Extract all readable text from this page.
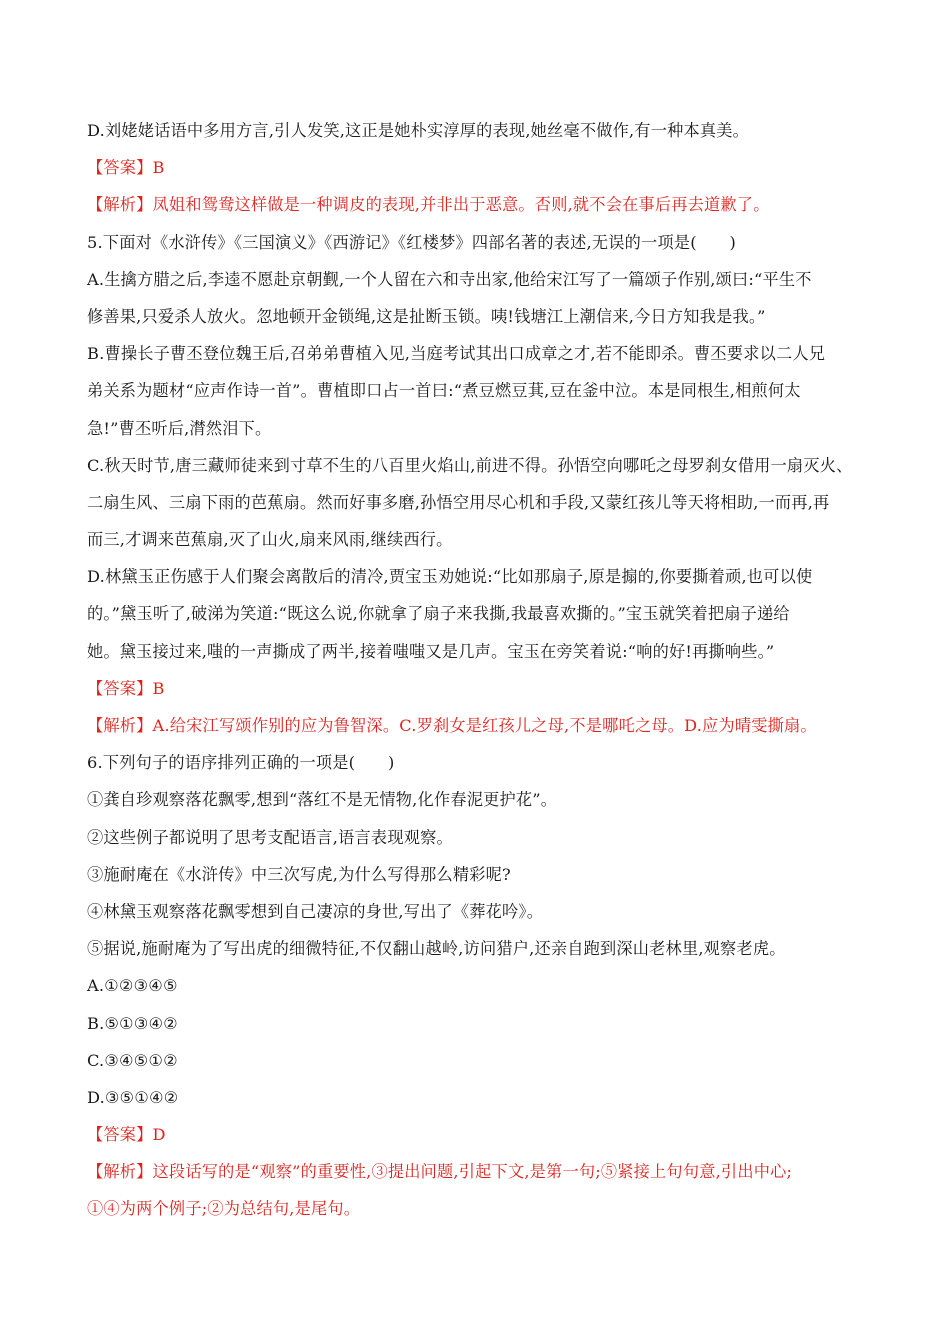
D.刘姥姥话语中多用方言,引人发笑,这正是她朴实淳厚的表现,她丝毫不做作,有一种本真美。
【答案】B
【解析】凤姐和鸳鸯这样做是一种调皮的表现,并非出于恶意。否则,就不会在事后再去道歉了。
5.下面对《水浒传》《三国演义》《西游记》《红楼梦》四部名著的表述,无误的一项是(　　)
A.生擒方腊之后,李逵不愿赴京朝觐,一个人留在六和寺出家,他给宋江写了一篇颂子作别,颂曰:“平生不
修善果,只爱杀人放火。忽地顿开金锁绳,这是扯断玉锁。咦!钱塘江上潮信来,今日方知我是我。”
B.曹操长子曹丕登位魏王后,召弟弟曹植入见,当庭考试其出口成章之才,若不能即杀。曹丕要求以二人兄
弟关系为题材“应声作诗一首”。曹植即口占一首曰:“煮豆燃豆萁,豆在釜中泣。本是同根生,相煎何太
急!”曹丕听后,潸然泪下。
C.秋天时节,唐三藏师徒来到寸草不生的八百里火焰山,前进不得。孙悟空向哪吒之母罗刹女借用一扇灭火、
二扇生风、三扇下雨的芭蕉扇。然而好事多磨,孙悟空用尽心机和手段,又蒙红孩儿等天将相助,一而再,再
而三,才调来芭蕉扇,灭了山火,扇来风雨,继续西行。
D.林黛玉正伤感于人们聚会离散后的清冷,贾宝玉劝她说:“比如那扇子,原是搧的,你要撕着顽,也可以使
的。”黛玉听了,破涕为笑道:“既这么说,你就拿了扇子来我撕,我最喜欢撕的。”宝玉就笑着把扇子递给
她。黛玉接过来,嗤的一声撕成了两半,接着嗤嗤又是几声。宝玉在旁笑着说:“响的好!再撕响些。”
【答案】B
【解析】A.给宋江写颂作别的应为鲁智深。C.罗刹女是红孩儿之母,不是哪吒之母。D.应为晴雯撕扇。
6.下列句子的语序排列正确的一项是(　　)
①龚自珍观察落花飘零,想到“落红不是无情物,化作春泥更护花”。
②这些例子都说明了思考支配语言,语言表现观察。
③施耐庵在《水浒传》中三次写虎,为什么写得那么精彩呢?
④林黛玉观察落花飘零想到自己凄凉的身世,写出了《葬花吟》。
⑤据说,施耐庵为了写出虎的细微特征,不仅翻山越岭,访问猎户,还亲自跑到深山老林里,观察老虎。
A.①②③④⑤
B.⑤①③④②
C.③④⑤①②
D.③⑤①④②
【答案】D
【解析】这段话写的是“观察”的重要性,③提出问题,引起下文,是第一句;⑤紧接上句句意,引出中心;
①④为两个例子;②为总结句,是尾句。
